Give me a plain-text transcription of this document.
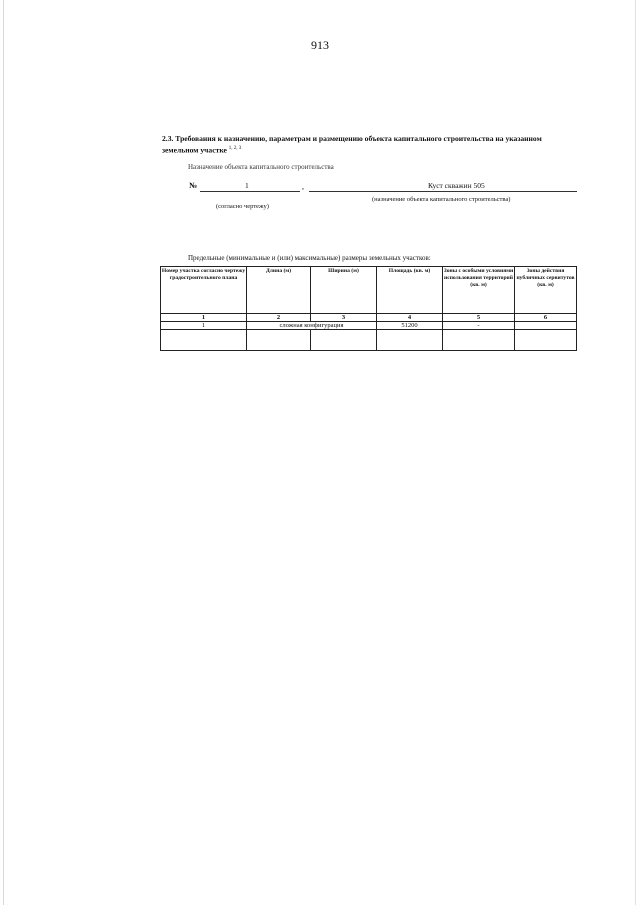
913
2.3. Требования к назначению, параметрам и размещению объекта капитального строительства на указанном земельном участке $^{1, 2, 3}$
Назначение объекта капитального строительства
№	1	,	Куст скважин 505
(назначение объекта капитального строительства)
(согласно чертежу)
Предельные (минимальные и (или) максимальные) размеры земельных участков:
Номер участка согласно чертежу градостроительного плана	Длина (м)	Ширина (м)	Площадь (кв. м)	Зоны с особыми условиями использования территорий (кв. м)	Зоны действия публичных сервитутов (кв. м)
1	2	3	4	5	6
1	сложная конфигурация		51200	-	
